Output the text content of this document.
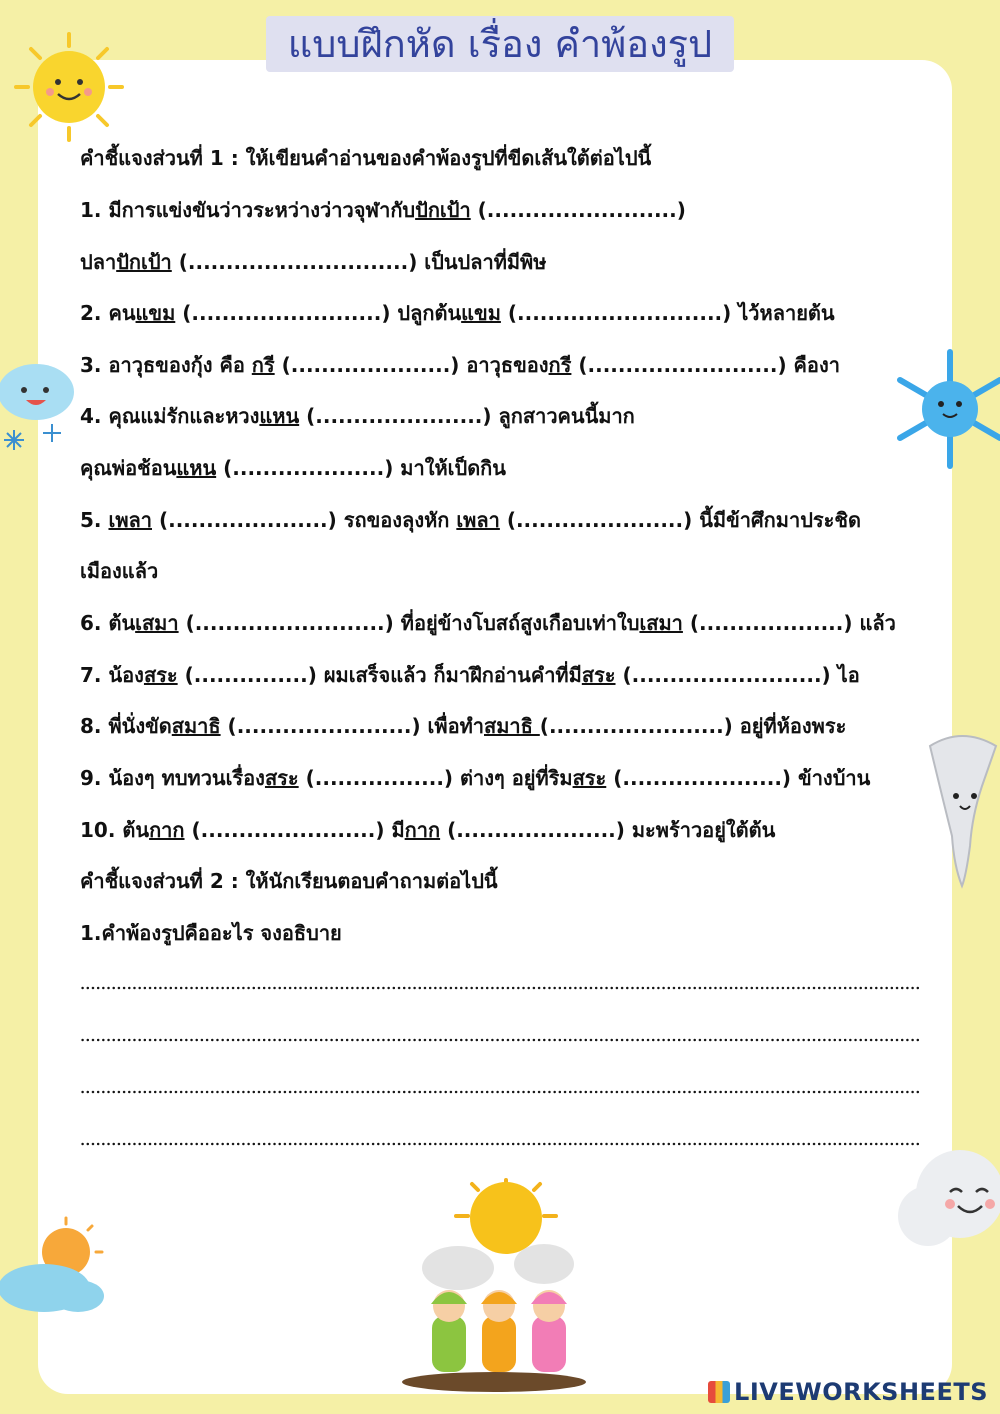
แบบฝึกหัด เรื่อง คำพ้องรูป
คำชี้แจงส่วนที่ 1 : ให้เขียนคำอ่านของคำพ้องรูปที่ขีดเส้นใต้ต่อไปนี้
1. มีการแข่งขันว่าวระหว่างว่าวจุฬากับปักเป้า (.........................)
ปลาปักเป้า (.............................) เป็นปลาที่มีพิษ
2. คนแขม (.........................) ปลูกต้นแขม (...........................) ไว้หลายต้น
3. อาวุธของกุ้ง คือ กรี (.....................) อาวุธของกรี (.........................) คืองา
4. คุณแม่รักและหวงแหน (......................) ลูกสาวคนนี้มาก
คุณพ่อช้อนแหน (....................) มาให้เป็ดกิน
5. เพลา (.....................) รถของลุงหัก เพลา (......................) นี้มีข้าศึกมาประชิด
เมืองแล้ว
6. ต้นเสมา (.........................) ที่อยู่ข้างโบสถ์สูงเกือบเท่าใบเสมา (...................) แล้ว
7. น้องสระ (...............) ผมเสร็จแล้ว ก็มาฝึกอ่านคำที่มีสระ (.........................) ไอ
8. พี่นั่งขัดสมาธิ (.......................) เพื่อทำสมาธิ (.......................) อยู่ที่ห้องพระ
9. น้องๆ ทบทวนเรื่องสระ (.................) ต่างๆ อยู่ที่ริมสระ (.....................) ข้างบ้าน
10. ต้นกาก (.......................) มีกาก (.....................) มะพร้าวอยู่ใต้ต้น
คำชี้แจงส่วนที่ 2 : ให้นักเรียนตอบคำถามต่อไปนี้
1.คำพ้องรูปคืออะไร จงอธิบาย
LIVEWORKSHEETS
